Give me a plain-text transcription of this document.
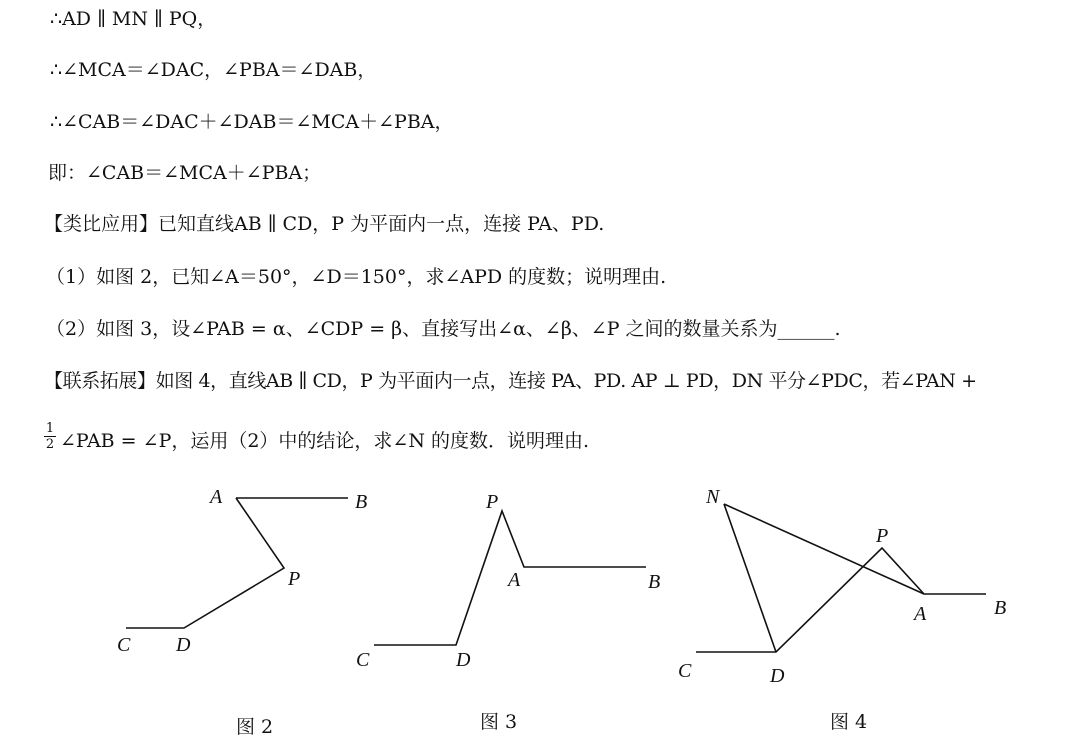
∴AD ∥ MN ∥ PQ，
∴∠MCA＝∠DAC，∠PBA＝∠DAB，
∴∠CAB＝∠DAC＋∠DAB＝∠MCA＋∠PBA，
即：∠CAB＝∠MCA＋∠PBA；
【类比应用】已知直线AB ∥ CD，P 为平面内一点，连接 PA、PD.
（1）如图 2，已知∠A＝50°，∠D＝150°，求∠APD 的度数；说明理由.
（2）如图 3，设∠PAB = α、∠CDP = β、直接写出∠α、∠β、∠P 之间的数量关系为______.
【联系拓展】如图 4，直线AB ∥ CD，P 为平面内一点，连接 PA、PD. AP ⊥ PD，DN 平分∠PDC，若∠PAN +
$\frac{1}{2}$ ∠PAB = ∠P，运用（2）中的结论，求∠N 的度数．说明理由.
A	B
P
C D
P
A	B
C	D
N
P
A	B
C	D
图 2	图 3	图 4
